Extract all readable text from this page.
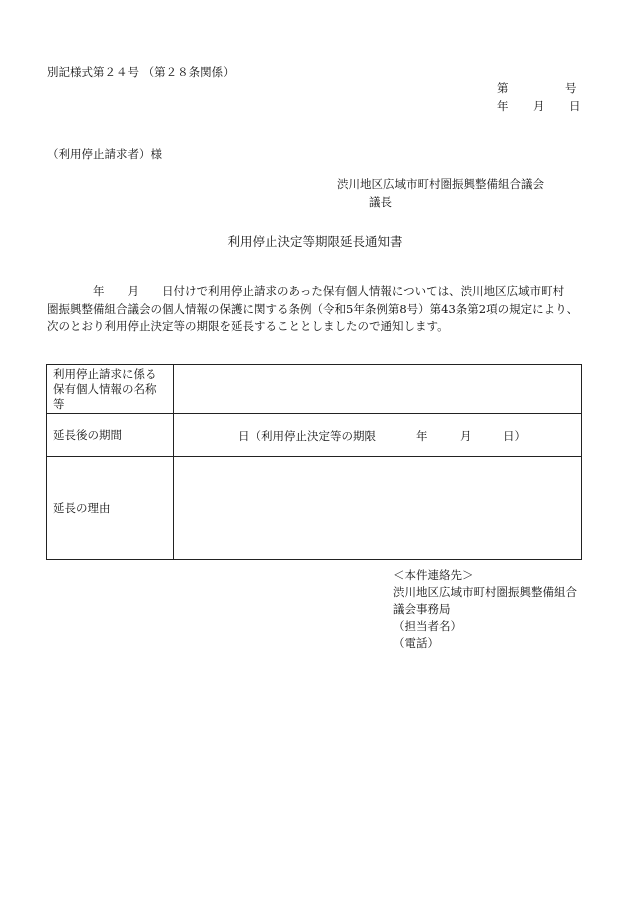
別記様式第２４号 （第２８条関係）
第	号
年 月 日
（利用停止請求者）様
渋川地区広域市町村圏振興整備組合議会
議長
利用停止決定等期限延長通知書
　　　　年　　月　　日付けで利用停止請求のあった保有個人情報については、渋川地区広域市町村
圏振興整備組合議会の個人情報の保護に関する条例（令和5年条例第8号）第43条第2項の規定により、
次のとおり利用停止決定等の期限を延長することとしましたので通知します。
利用停止請求に係る
保有個人情報の名称
等	

延長後の期間	日（利用停止決定等の期限 年 月 日）

延長の理由	
＜本件連絡先＞
渋川地区広域市町村圏振興整備組合
議会事務局
（担当者名）
（電話）
